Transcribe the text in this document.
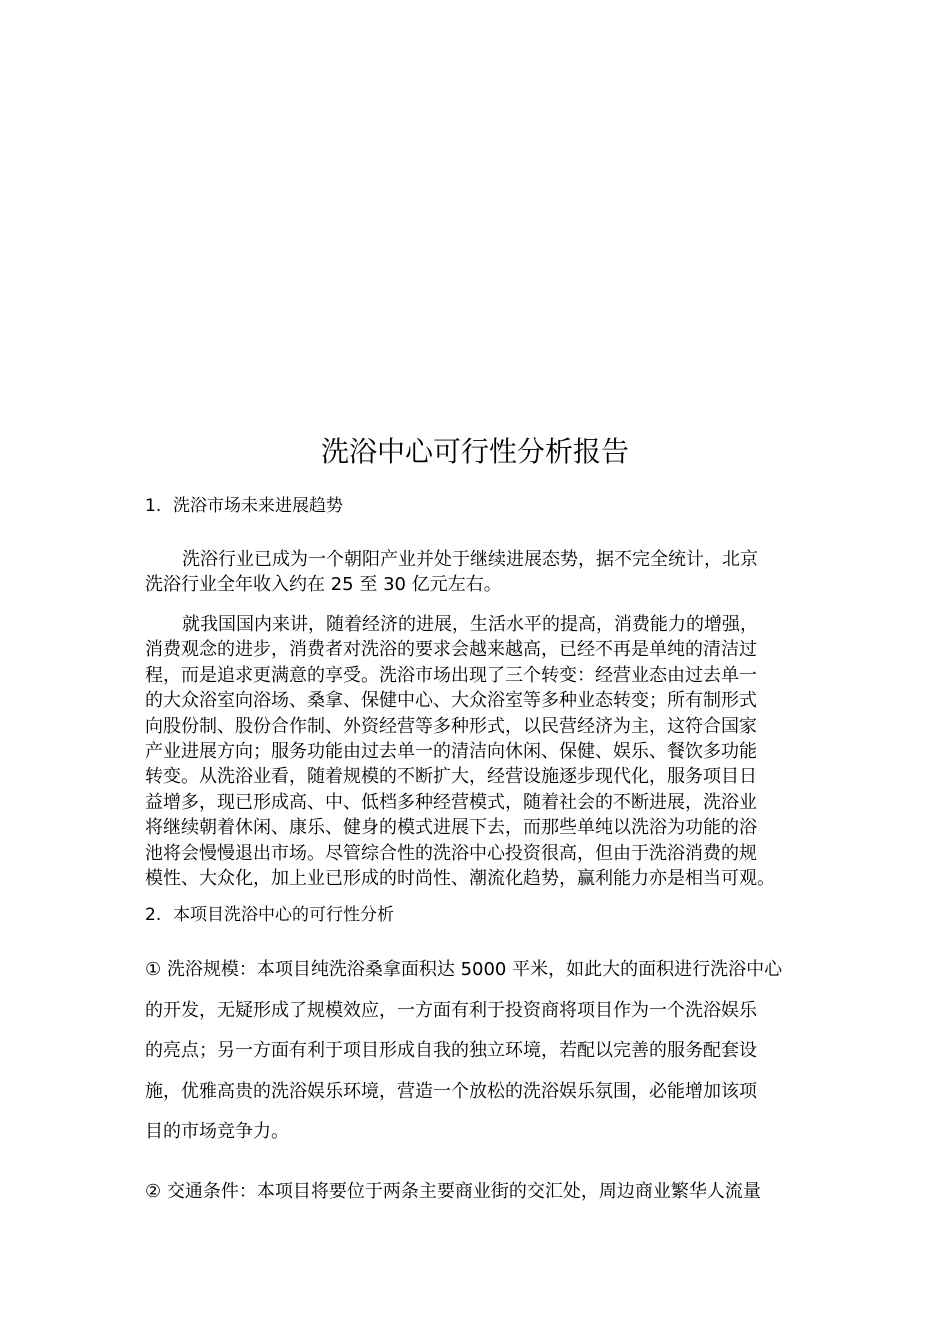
洗浴中心可行性分析报告
1. 洗浴市场未来进展趋势
洗浴行业已成为一个朝阳产业并处于继续进展态势，据不完全统计，北京
洗浴行业全年收入约在 25 至 30 亿元左右。
就我国国内来讲，随着经济的进展，生活水平的提高，消费能力的增强，
消费观念的进步，消费者对洗浴的要求会越来越高，已经不再是单纯的清洁过
程，而是追求更满意的享受。洗浴市场出现了三个转变：经营业态由过去单一
的大众浴室向浴场、桑拿、保健中心、大众浴室等多种业态转变；所有制形式
向股份制、股份合作制、外资经营等多种形式，以民营经济为主，这符合国家
产业进展方向；服务功能由过去单一的清洁向休闲、保健、娱乐、餐饮多功能
转变。从洗浴业看，随着规模的不断扩大，经营设施逐步现代化，服务项目日
益增多，现已形成高、中、低档多种经营模式，随着社会的不断进展，洗浴业
将继续朝着休闲、康乐、健身的模式进展下去，而那些单纯以洗浴为功能的浴
池将会慢慢退出市场。尽管综合性的洗浴中心投资很高，但由于洗浴消费的规
模性、大众化，加上业已形成的时尚性、潮流化趋势，赢利能力亦是相当可观。
2. 本项目洗浴中心的可行性分析
① 洗浴规模：本项目纯洗浴桑拿面积达 5000 平米，如此大的面积进行洗浴中心
的开发，无疑形成了规模效应，一方面有利于投资商将项目作为一个洗浴娱乐
的亮点；另一方面有利于项目形成自我的独立环境，若配以完善的服务配套设
施，优雅高贵的洗浴娱乐环境，营造一个放松的洗浴娱乐氛围，必能增加该项
目的市场竞争力。
② 交通条件：本项目将要位于两条主要商业街的交汇处，周边商业繁华人流量
